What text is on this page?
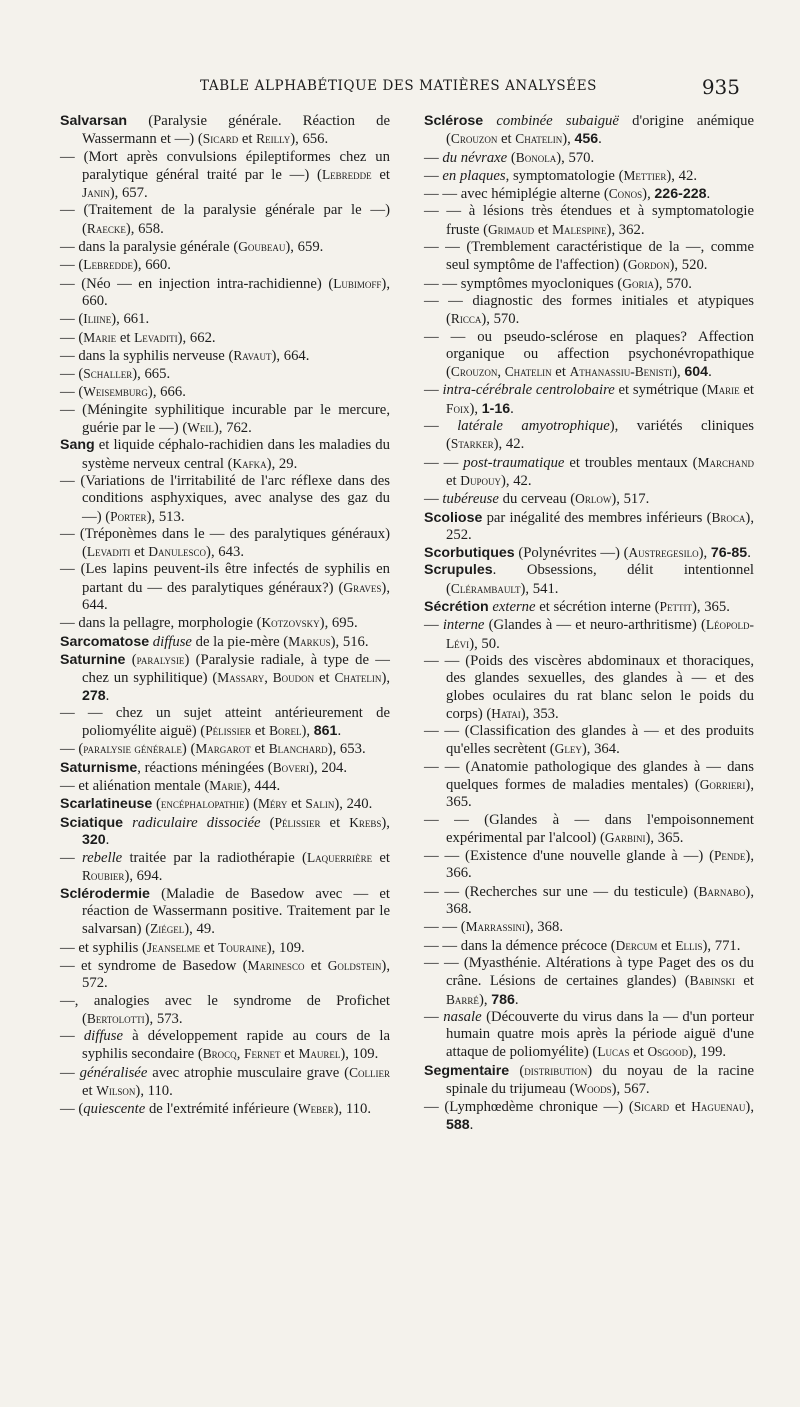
TABLE ALPHABÉTIQUE DES MATIÈRES ANALYSÉES	935

Salvarsan (Paralysie générale. Réaction de Wassermann et —) (Sicard et Reilly), 656.

— (Mort après convulsions épileptiformes chez un paralytique général traité par le —) (Lebredde et Janin), 657.

— (Traitement de la paralysie générale par le —) (Raecke), 658.

— dans la paralysie générale (Goubeau), 659.

— (Lebredde), 660.

— (Néo — en injection intra-rachidienne) (Lubimoff), 660.

— (Iliine), 661.

— (Marie et Levaditi), 662.

— dans la syphilis nerveuse (Ravaut), 664.

— (Schaller), 665.

— (Weisemburg), 666.

— (Méningite syphilitique incurable par le mercure, guérie par le —) (Weil), 762.

Sang et liquide céphalo-rachidien dans les maladies du système nerveux central (Kafka), 29.

— (Variations de l'irritabilité de l'arc réflexe dans des conditions asphyxiques, avec analyse des gaz du —) (Porter), 513.

— (Tréponèmes dans le — des paralytiques généraux) (Levaditi et Danulesco), 643.

— (Les lapins peuvent-ils être infectés de syphilis en partant du — des paralytiques généraux?) (Graves), 644.

— dans la pellagre, morphologie (Kotzovsky), 695.

Sarcomatose diffuse de la pie-mère (Markus), 516.

Saturnine (paralysie) (Paralysie radiale, à type de — chez un syphilitique) (Massary, Boudon et Chatelin), 278.

— — chez un sujet atteint antérieurement de poliomyélite aiguë) (Pélissier et Borel), 861.

— (paralysie générale) (Margarot et Blanchard), 653.

Saturnisme, réactions méningées (Boveri), 204.

— et aliénation mentale (Marie), 444.

Scarlatineuse (encéphalopathie) (Méry et Salin), 240.

Sciatique radiculaire dissociée (Pélissier et Krebs), 320.

— rebelle traitée par la radiothérapie (Laquerrière et Roubier), 694.

Sclérodermie (Maladie de Basedow avec — et réaction de Wassermann positive. Traitement par le salvarsan) (Ziégel), 49.

— et syphilis (Jeanselme et Touraine), 109.

— et syndrome de Basedow (Marinesco et Goldstein), 572.

—, analogies avec le syndrome de Profichet (Bertolotti), 573.

— diffuse à développement rapide au cours de la syphilis secondaire (Brocq, Fernet et Maurel), 109.

— généralisée avec atrophie musculaire grave (Collier et Wilson), 110.

— (quiescente de l'extrémité inférieure (Weber), 110.

Sclérose combinée subaiguë d'origine anémique (Crouzon et Chatelin), 456.

— du névraxe (Bonola), 570.

— en plaques, symptomatologie (Mettier), 42.

— — avec hémiplégie alterne (Conos), 226-228.

— — à lésions très étendues et à symptomatologie fruste (Grimaud et Malespine), 362.

— — (Tremblement caractéristique de la —, comme seul symptôme de l'affection) (Gordon), 520.

— — symptômes myocloniques (Goria), 570.

— — diagnostic des formes initiales et atypiques (Ricca), 570.

— — ou pseudo-sclérose en plaques? Affection organique ou affection psychonévropathique (Crouzon, Chatelin et Athanassiu-Benisti), 604.

— intra-cérébrale centrolobaire et symétrique (Marie et Foix), 1-16.

— latérale amyotrophique), variétés cliniques (Starker), 42.

— — post-traumatique et troubles mentaux (Marchand et Dupouy), 42.

— tubéreuse du cerveau (Orlow), 517.

Scoliose par inégalité des membres inférieurs (Broca), 252.

Scorbutiques (Polynévrites —) (Austregesilo), 76-85.

Scrupules. Obsessions, délit intentionnel (Clérambault), 541.

Sécrétion externe et sécrétion interne (Pettit), 365.

— interne (Glandes à — et neuro-arthritisme) (Léopold-Lévi), 50.

— — (Poids des viscères abdominaux et thoraciques, des glandes sexuelles, des glandes à — et des globes oculaires du rat blanc selon le poids du corps) (Hatai), 353.

— — (Classification des glandes à — et des produits qu'elles secrètent (Gley), 364.

— — (Anatomie pathologique des glandes à — dans quelques formes de maladies mentales) (Gorrieri), 365.

— — (Glandes à — dans l'empoisonnement expérimental par l'alcool) (Garbini), 365.

— — (Existence d'une nouvelle glande à —) (Pende), 366.

— — (Recherches sur une — du testicule) (Barnabo), 368.

— — (Marrassini), 368.

— — dans la démence précoce (Dercum et Ellis), 771.

— — (Myasthénie. Altérations à type Paget des os du crâne. Lésions de certaines glandes) (Babinski et Barré), 786.

— nasale (Découverte du virus dans la — d'un porteur humain quatre mois après la période aiguë d'une attaque de poliomyélite) (Lucas et Osgood), 199.

Segmentaire (distribution) du noyau de la racine spinale du trijumeau (Woods), 567.

— (Lymphœdème chronique —) (Sicard et Haguenau), 588.
